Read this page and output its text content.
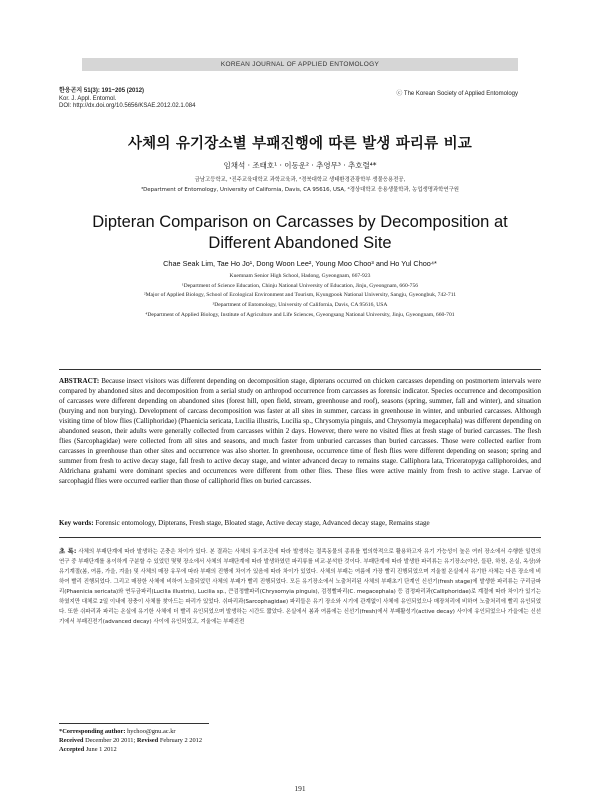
KOREAN JOURNAL OF APPLIED ENTOMOLOGY
한응곤지 51(3): 191~205 (2012)
Kor. J. Appl. Entomol.
DOI: http://dx.doi.org/10.5656/KSAE.2012.02.1.084
ⓒ The Korean Society of Applied Entomology
사체의 유기장소별 부패진행에 따른 발생 파리류 비교
임채석 · 조태호¹ · 이동운² · 추영무³ · 추호렬⁴*
금남고등학교, ¹진주교육대학교 과학교육과, ²경북대학교 생태환경관광학부 생물응용전공,
³Department of Entomology, University of California, Davis, CA 95616, USA, ⁴경상대학교 응용생물학과, 농업생명과학연구원
Dipteran Comparison on Carcasses by Decomposition at
Different Abandoned Site
Chae Seak Lim, Tae Ho Jo¹, Dong Woon Lee², Young Moo Choo³ and Ho Yul Choo⁴*
Kuemnam Senior High School, Hadong, Gyeongnam, 667-923
¹Department of Science Education, Chinju National University of Education, Jinju, Gyeongnam, 660-756
²Major of Applied Biology, School of Ecological Environment and Tourism, Kyungpook National University, Sangju, Gyeongbuk, 742-711
³Department of Entomology, University of California, Davis, CA 95616, USA
⁴Department of Applied Biology, Institute of Agriculture and Life Sciences, Gyeongsang National University, Jinju, Gyeongnam, 660-701
ABSTRACT: Because insect visitors was different depending on decomposition stage, dipterans occurred on chicken carcasses depending on postmortem intervals were compared by abandoned sites and decomposition from a serial study on arthropod occurrence from carcasses as forensic indicator. Species occurrence and decomposition of carcasses were different depending on abandoned sites (forest hill, open field, stream, greenhouse and roof), seasons (spring, summer, fall and winter), and situation (burying and non burying). Development of carcass decomposition was faster at all sites in summer, carcass in greenhouse in winter, and unburied carcasses. Although visiting time of blow flies (Calliphoridae) (Phaenicia sericata, Lucilia illustris, Lucilia sp., Chrysomyia pinguis, and Chrysomyia megacephala) was different depending on abandoned season, their adults were generally collected from carcasses within 2 days. However, there were no visited flies at fresh stage of buried carcasses. The flesh flies (Sarcophagidae) were collected from all sites and seasons, and much faster from unburied carcasses than buried carcasses. Those were collected earlier from carcasses in greenhouse than other sites and occurrence was also shorter. In greenhouse, occurrence time of flesh flies were different depending on season; spring and summer from fresh to active decay stage, fall fresh to active decay stage, and winter advanced decay to remains stage. Calliphora lata, Triceratopyga calliphoroides, and Aldrichana grahami were dominant species and occurrences were different from other flies. These flies were active mainly from fresh to active stage. Larvae of sarcophagid flies were occurred earlier than those of calliphorid flies on buried carcasses.
Key words: Forensic entomology, Dipterans, Fresh stage, Bloated stage, Active decay stage, Advanced decay stage, Remains stage
초 록: 사체의 부패단계에 따라 발생하는 곤충은 차이가 있다. 본 결과는 사체의 유기조건에 따라 발생하는 절족동물의 종류를 법의학적으로 활용하고자 유기 가능성이 높은 여러 장소에서 수행한 일련의 연구 중 부패단계를 용이하게 구분할 수 있었던 몇몇 장소에서 사체의 부패단계에 따라 발생하였던 파리류를 비교·분석한 것이다. 부패단계에 따라 발생한 파리류는 유기장소(야산, 들판, 하천, 온실, 옥상)와 유기계절(봄, 여름, 가을, 겨울) 및 사체의 매장 유무에 따라 부패의 진행에 차이가 있음에 따라 차이가 있었다. 사체의 부패는 여름에 가장 빨리 진행되었으며 겨울철 온실에서 유기한 사체는 다른 장소에 비하여 빨리 진행되었다. 그리고 매장한 사체에 비하여 노출되었던 사체의 부패가 빨리 진행되었다. 모든 유기장소에서 노출처리된 사체의 부패초기 단계인 신선기(fresh stage)에 발생한 파리류는 구리금파리(Phaenicia sericata)와 연두금파리(Lucilia illustris), Lucilia sp., 큰검정빨파리(Chrysomyia pinguis), 검정빨파리(C. megacephala) 등 검정파리과(Calliphoridae)로 계절에 따라 차이가 있기는 하였지만 대체로 2일 이내에 장충이 사체를 찾아드는 파리가 있었다. 쉬파리과(Sarcophagidae) 파리들은 유기 장소와 시기에 관계없이 사체에 유인되었으나 매장처리에 비하여 노출처리에 빨리 유인되었다. 또한 쉬파리과 파리는 온실에 유기한 사체에 더 빨리 유인되었으며 발생하는 시간도 짧았다. 온실에서 봄과 여름에는 신선기(fresh)에서 부패활성기(active decay) 사이에 유인되었으나 가을에는 신선기에서 부패진전기(advanced decay) 사이에 유인되었고, 겨울에는 부패진전
*Corresponding author: hychoo@gnu.ac.kr
Received December 20 2011; Revised February 2 2012
Accepted June 1 2012
191
